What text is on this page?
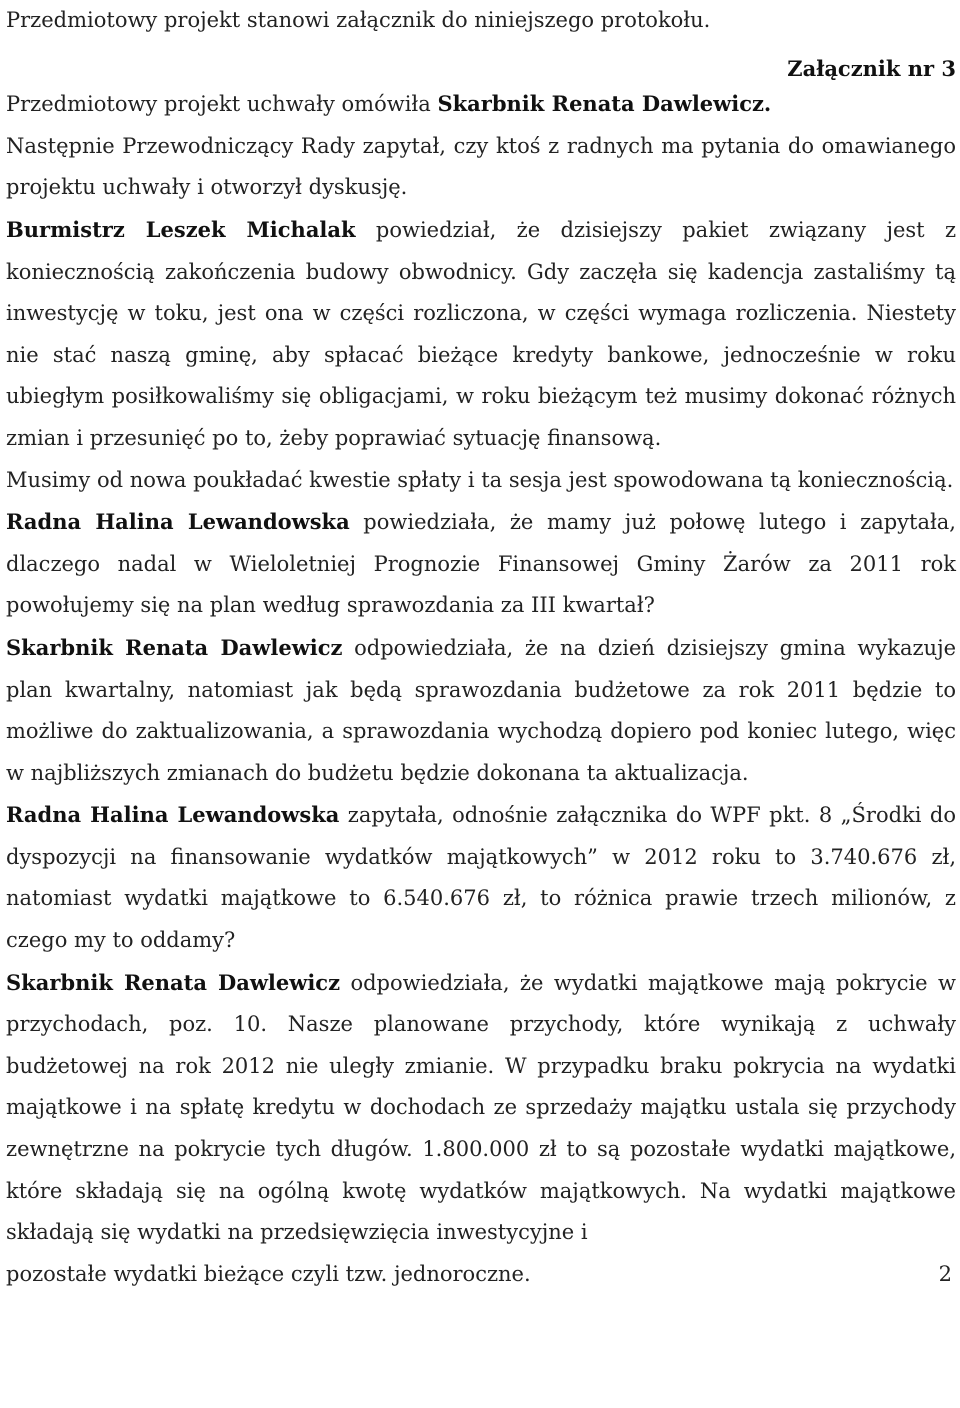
Przedmiotowy projekt stanowi załącznik do niniejszego protokołu.

Załącznik nr 3

Przedmiotowy projekt uchwały omówiła Skarbnik Renata Dawlewicz.

Następnie Przewodniczący Rady zapytał, czy ktoś z radnych ma pytania do omawianego projektu uchwały i otworzył dyskusję.

Burmistrz Leszek Michalak powiedział, że dzisiejszy pakiet związany jest z koniecznością zakończenia budowy obwodnicy. Gdy zaczęła się kadencja zastaliśmy tą inwestycję w toku, jest ona w części rozliczona, w części wymaga rozliczenia. Niestety nie stać naszą gminę, aby spłacać bieżące kredyty bankowe, jednocześnie w roku ubiegłym posiłkowaliśmy się obligacjami, w roku bieżącym też musimy dokonać różnych zmian i przesunięć po to, żeby poprawiać sytuację finansową.

Musimy od nowa poukładać kwestie spłaty i ta sesja jest spowodowana tą koniecznością.

Radna Halina Lewandowska powiedziała, że mamy już połowę lutego i zapytała, dlaczego nadal w Wieloletniej Prognozie Finansowej Gminy Żarów za 2011 rok powołujemy się na plan według sprawozdania za III kwartał?

Skarbnik Renata Dawlewicz odpowiedziała, że na dzień dzisiejszy gmina wykazuje plan kwartalny, natomiast jak będą sprawozdania budżetowe za rok 2011 będzie to możliwe do zaktualizowania, a sprawozdania wychodzą dopiero pod koniec lutego, więc w najbliższych zmianach do budżetu będzie dokonana ta aktualizacja.

Radna Halina Lewandowska zapytała, odnośnie załącznika do WPF pkt. 8 „Środki do dyspozycji na finansowanie wydatków majątkowych” w 2012 roku to 3.740.676 zł, natomiast wydatki majątkowe to 6.540.676 zł, to różnica prawie trzech milionów, z czego my to oddamy?

Skarbnik Renata Dawlewicz odpowiedziała, że wydatki majątkowe mają pokrycie w przychodach, poz. 10. Nasze planowane przychody, które wynikają z uchwały budżetowej na rok 2012 nie uległy zmianie. W przypadku braku pokrycia na wydatki majątkowe i na spłatę kredytu w dochodach ze sprzedaży majątku ustala się przychody zewnętrzne na pokrycie tych długów. 1.800.000 zł to są pozostałe wydatki majątkowe, które składają się na ogólną kwotę wydatków majątkowych. Na wydatki majątkowe składają się wydatki na przedsięwzięcia inwestycyjne i

pozostałe wydatki bieżące czyli tzw. jednoroczne.	2
